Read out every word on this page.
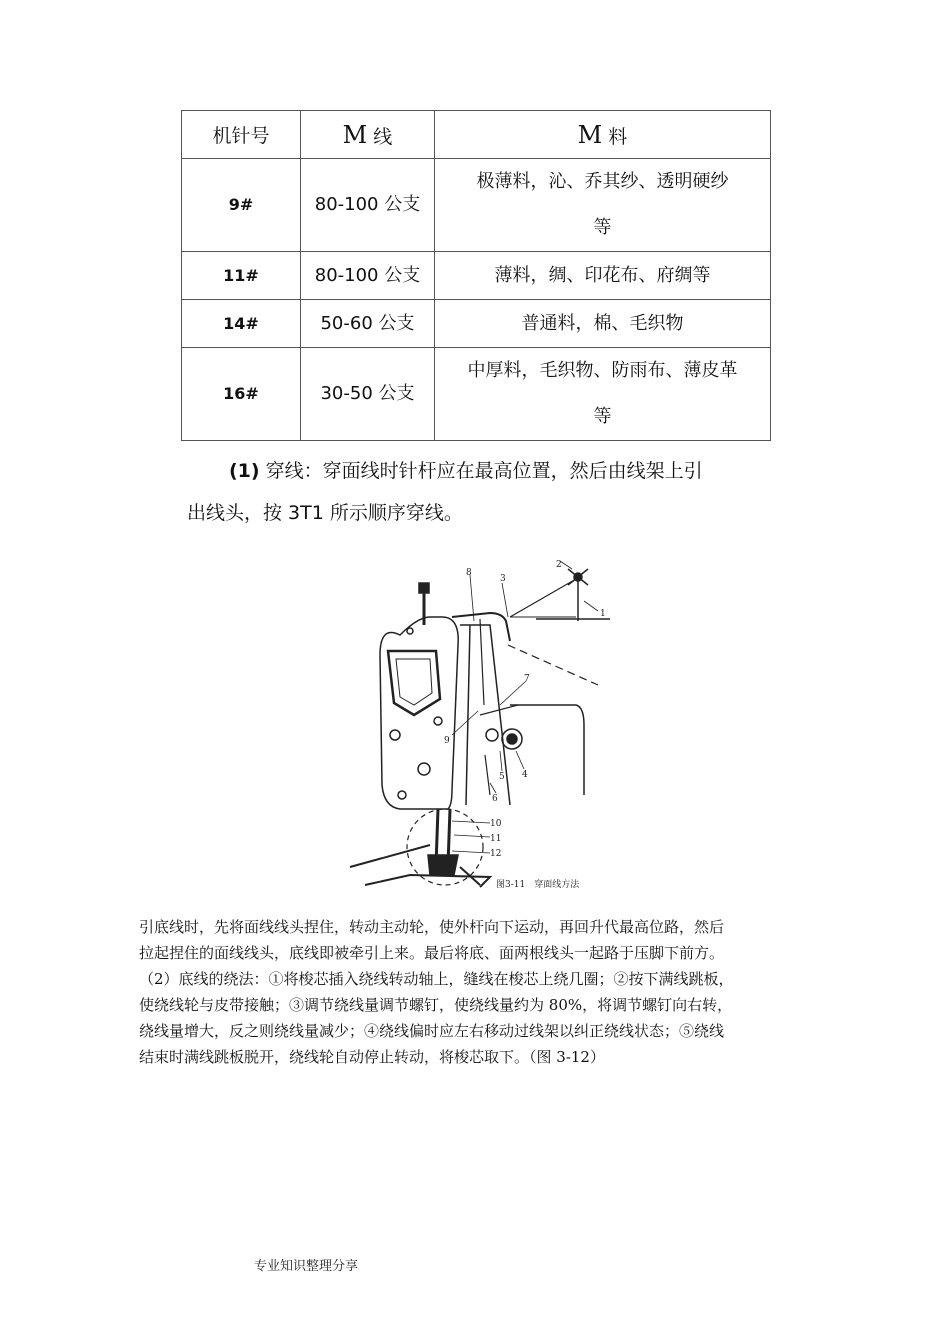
机针号	M 线	M 料
9#	80-100 公支	极薄料，沁、乔其纱、透明硬纱
等

11#	80-100 公支	薄料，绸、印花布、府绸等

14#	50-60 公支	普通料，棉、毛织物

16#	30-50 公支	中厚料，毛织物、防雨布、薄皮革
等

(1) 穿线：穿面线时针杆应在最高位置，然后由线架上引
出线头，按 3T1 所示顺序穿线。

1
2
3
4
5
6
7
8
9
10
11
12
图3-11　穿面线方法
引底线时，先将面线线头捏住，转动主动轮，使外杆向下运动，再回升代最高位路，然后
拉起捏住的面线线头，底线即被牵引上来。最后将底、面两根线头一起路于压脚下前方。
（2）底线的绕法：①将梭芯插入绕线转动轴上，缝线在梭芯上绕几圈；②按下满线跳板，
使绕线轮与皮带接触；③调节绕线量调节螺钉，使绕线量约为 80%，将调节螺钉向右转，
绕线量增大，反之则绕线量减少；④绕线偏时应左右移动过线架以纠正绕线状态；⑤绕线
结束时满线跳板脱开，绕线轮自动停止转动，将梭芯取下。（图 3-12）
专业知识整理分享
